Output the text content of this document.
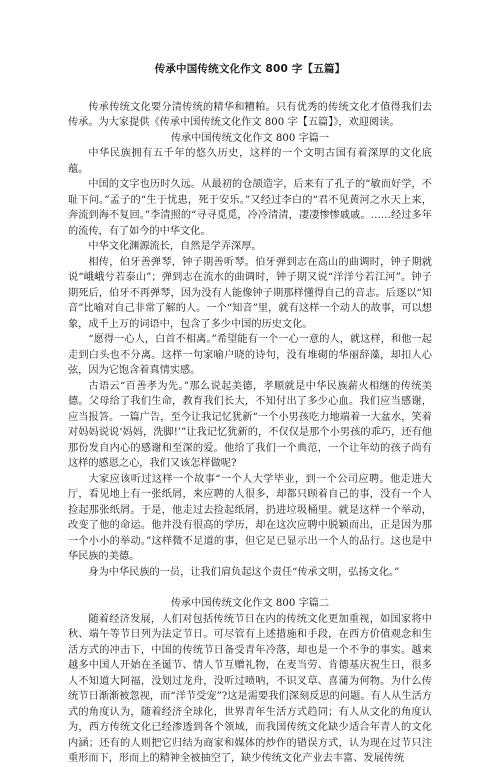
传承中国传统文化作文 800 字【五篇】

传承传统文化要分清传统的精华和糟粕。只有优秀的传统文化才值得我们去传承。为大家提供《传承中国传统文化作文 800 字【五篇】》，欢迎阅读。

传承中国传统文化作文 800 字篇一

中华民族拥有五千年的悠久历史，这样的一个文明古国有着深厚的文化底蕴。

中国的文字也历时久远。从最初的仓颉造字，后来有了孔子的“敏而好学，不耻下问。”孟子的“生于忧患，死于安乐。”又经过李白的“君不见黄河之水天上来，奔流到海不复回。”李清照的“寻寻觅觅，冷冷清清，凄凄惨惨戚戚。……经过多年的流传，有了如今的中华文化。

中华文化渊源流长，自然是学弄深厚。

相传，伯牙善弹琴，钟子期善听琴。伯牙弹到志在高山的曲调时，钟子期就说“峨峨兮若泰山”；弹到志在流水的曲调时，钟子期又说“洋洋兮若江河”。钟子期死后，伯牙不再弹琴，因为没有人能像钟子期那样懂得自己的音志。后逐以“知音”比喻对自己非常了解的人。一个“知音”里，就有这样一个动人的故事，可以想象，成千上万的词语中，包含了多少中国的历史文化。

“愿得一心人，白首不相离。”希望能有一个一心一意的人，就这样，和他一起走到白头也不分离。这样一句家喻户晓的诗句，没有堆砌的华丽辞藻，却扣人心弦，因为它饱含着真情实感。

古语云“百善孝为先。”那么说起美德，孝顺就是中华民族薪火相继的传统美德。父母给了我们生命，教育我们长大，不知付出了多少心血。我们应当感谢，应当报答。一篇广告，至今让我记忆犹新“一个小男孩吃力地端着一大盆水，笑着对妈妈说说‘妈妈，洗脚!’”让我记忆犹新的，不仅仅是那个小男孩的乖巧，还有他那份发自内心的感谢和至深的爱。他给了我们一个典范，一个让年幼的孩子尚有这样的感恩之心，我们又该怎样做呢?

大家应该听过这样一个故事“一个人大学毕业，到一个公司应聘。他走进大厅，看见地上有一张纸屑，来应聘的人很多，却都只顾着自己的事，没有一个人捡起那张纸屑。于是，他走过去捡起纸屑，扔进垃圾桶里。就是这样一个举动，改变了他的命运。他并没有很高的学历，却在这次应聘中脱颖而出，正是因为那一个小小的举动。”这样微不足道的事，但它足已显示出一个人的品行。这也是中华民族的美德。

身为中华民族的一员，让我们肩负起这个责任“传承文明，弘扬文化。”

传承中国传统文化作文 800 字篇二

随着经济发展，人们对包括传统节日在内的传统文化更加重视，如国家将中秋、端午等节日列为法定节日。可尽管有上述措施和手段，在西方价值观念和生活方式的冲击下，中国的传统节日备受青年冷落，却也是一个不争的事实。越来越多中国人开始在圣诞节、情人节互赠礼物，在麦当劳、肯德基庆祝生日，很多人不知道大阿福，没划过龙舟，没听过喷呐，不识叉草、喜蒲为何物。为什么传统节日渐渐被忽视，而“洋节受宠”?这是需要我们深刻反思的问题。有人从生活方式的角度认为，随着经济全球化，世界青年生活方式趋同；有人从文化的角度认为，西方传统文化已经渗透到各个领域，而我国传统文化缺少适合年青人的文化内涵；还有的人则把它归结为商家和媒体的炒作的错误方式，认为现在过节只注重形而下，形而上的精神全被抽空了，缺少传统文化产业去丰富、发展传统
